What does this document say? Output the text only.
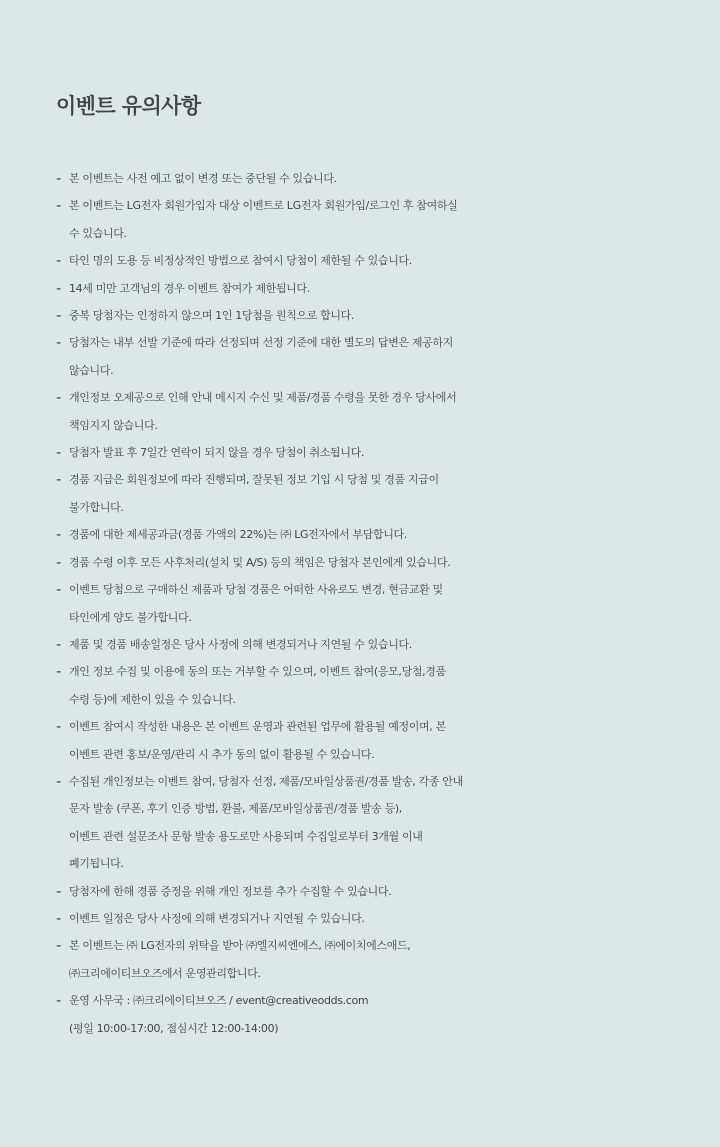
이벤트 유의사항
- 본 이벤트는 사전 예고 없이 변경 또는 중단될 수 있습니다.
- 본 이벤트는 LG전자 회원가입자 대상 이벤트로 LG전자 회원가입/로그인 후 참여하실
수 있습니다.
- 타인 명의 도용 등 비정상적인 방법으로 참여시 당첨이 제한될 수 있습니다.
- 14세 미만 고객님의 경우 이벤트 참여가 제한됩니다.
- 중복 당첨자는 인정하지 않으며 1인 1당첨을 원칙으로 합니다.
- 당첨자는 내부 선발 기준에 따라 선정되며 선정 기준에 대한 별도의 답변은 제공하지
않습니다.
- 개인정보 오제공으로 인해 안내 메시지 수신 및 제품/경품 수령을 못한 경우 당사에서
책임지지 않습니다.
- 당첨자 발표 후 7일간 연락이 되지 않을 경우 당첨이 취소됩니다.
- 경품 지급은 회원정보에 따라 진행되며, 잘못된 정보 기입 시 당첨 및 경품 지급이
불가합니다.
- 경품에 대한 제세공과금(경품 가액의 22%)는 ㈜ LG전자에서 부담합니다.
- 경품 수령 이후 모든 사후처리(설치 및 A/S) 등의 책임은 당첨자 본인에게 있습니다.
- 이벤트 당첨으로 구매하신 제품과 당첨 경품은 어떠한 사유로도 변경, 현금교환 및
타인에게 양도 불가합니다.
- 제품 및 경품 배송일정은 당사 사정에 의해 변경되거나 지연될 수 있습니다.
- 개인 정보 수집 및 이용에 동의 또는 거부할 수 있으며, 이벤트 참여(응모,당첨,경품
수령 등)에 제한이 있을 수 있습니다.
- 이벤트 참여시 작성한 내용은 본 이벤트 운영과 관련된 업무에 활용될 예정이며, 본
이벤트 관련 홍보/운영/관리 시 추가 동의 없이 활용될 수 있습니다.
- 수집된 개인정보는 이벤트 참여, 당첨자 선정, 제품/모바일상품권/경품 발송, 각종 안내
문자 발송 (쿠폰, 후기 인증 방법, 환불, 제품/모바일상품권/경품 발송 등),
이벤트 관련 설문조사 문항 발송 용도로만 사용되며 수집일로부터 3개월 이내
폐기됩니다.
- 당첨자에 한해 경품 증정을 위해 개인 정보를 추가 수집할 수 있습니다.
- 이벤트 일정은 당사 사정에 의해 변경되거나 지연될 수 있습니다.
- 본 이벤트는 ㈜ LG전자의 위탁을 받아 ㈜엘지씨엔에스, ㈜에이치에스애드,
㈜크리에이티브오즈에서 운영관리합니다.
- 운영 사무국 : ㈜크리에이티브오즈 / event@creativeodds.com
(평일 10:00-17:00, 점심시간 12:00-14:00)
